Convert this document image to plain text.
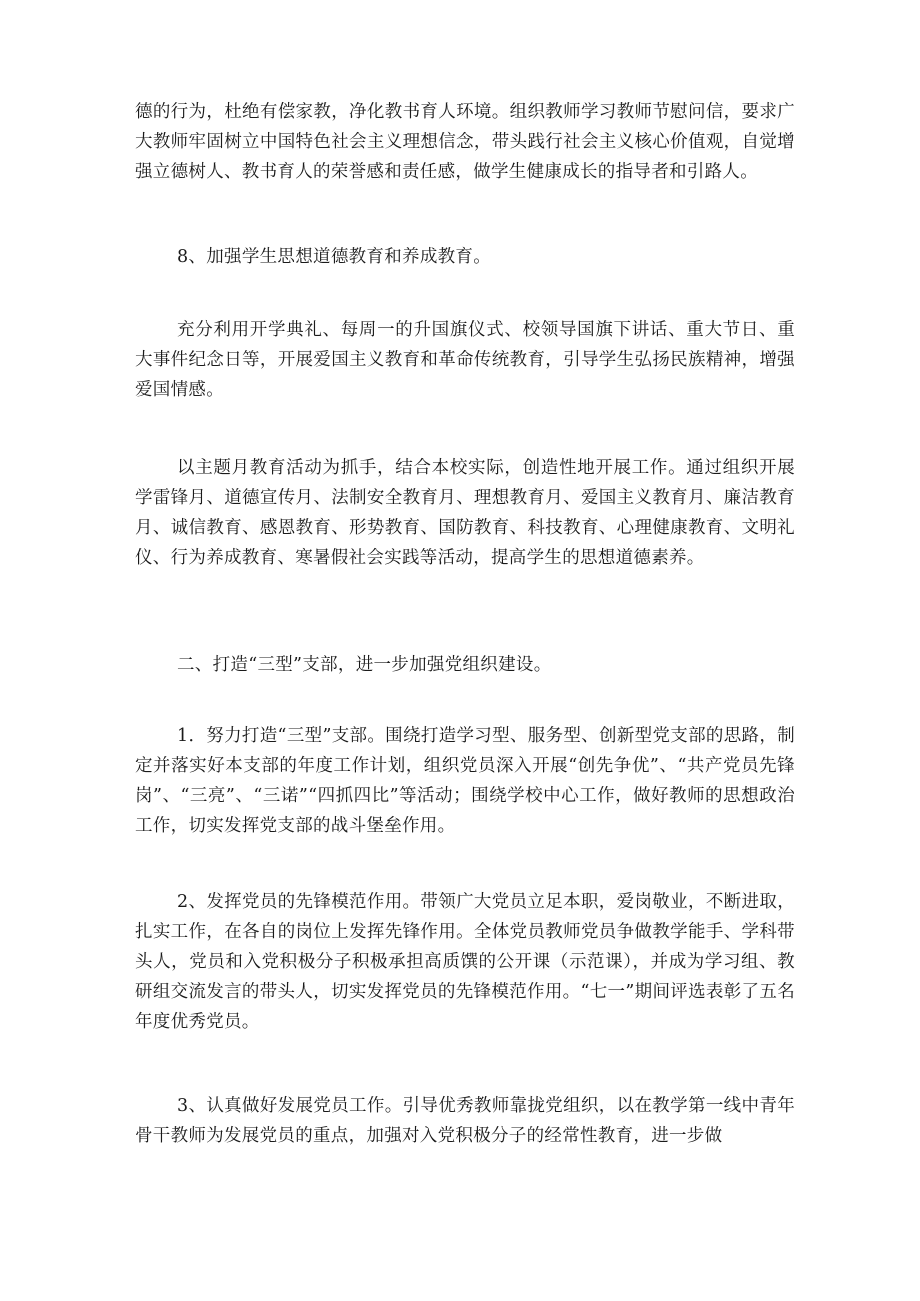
德的行为，杜绝有偿家教，净化教书育人环境。组织教师学习教师节慰问信，要求广大教师牢固树立中国特色社会主义理想信念，带头践行社会主义核心价值观，自觉增强立德树人、教书育人的荣誉感和责任感，做学生健康成长的指导者和引路人。

8、加强学生思想道德教育和养成教育。

充分利用开学典礼、每周一的升国旗仪式、校领导国旗下讲话、重大节日、重大事件纪念日等，开展爱国主义教育和革命传统教育，引导学生弘扬民族精神，增强爱国情感。

以主题月教育活动为抓手，结合本校实际，创造性地开展工作。通过组织开展学雷锋月、道德宣传月、法制安全教育月、理想教育月、爱国主义教育月、廉洁教育月、诚信教育、感恩教育、形势教育、国防教育、科技教育、心理健康教育、文明礼仪、行为养成教育、寒暑假社会实践等活动，提高学生的思想道德素养。

二、打造“三型”支部，进一步加强党组织建设。

1．努力打造“三型”支部。围绕打造学习型、服务型、创新型党支部的思路，制定并落实好本支部的年度工作计划，组织党员深入开展“创先争优”、“共产党员先锋岗”、“三亮”、“三诺”“四抓四比”等活动；围绕学校中心工作，做好教师的思想政治工作，切实发挥党支部的战斗堡垒作用。

2、发挥党员的先锋模范作用。带领广大党员立足本职，爱岗敬业，不断进取，扎实工作，在各自的岗位上发挥先锋作用。全体党员教师党员争做教学能手、学科带头人，党员和入党积极分子积极承担高质馔的公开课（示范课），并成为学习组、教研组交流发言的带头人，切实发挥党员的先锋模范作用。“七一”期间评选表彰了五名年度优秀党员。

3、认真做好发展党员工作。引导优秀教师靠拢党组织，以在教学第一线中青年骨干教师为发展党员的重点，加强对入党积极分子的经常性教育，进一步做
